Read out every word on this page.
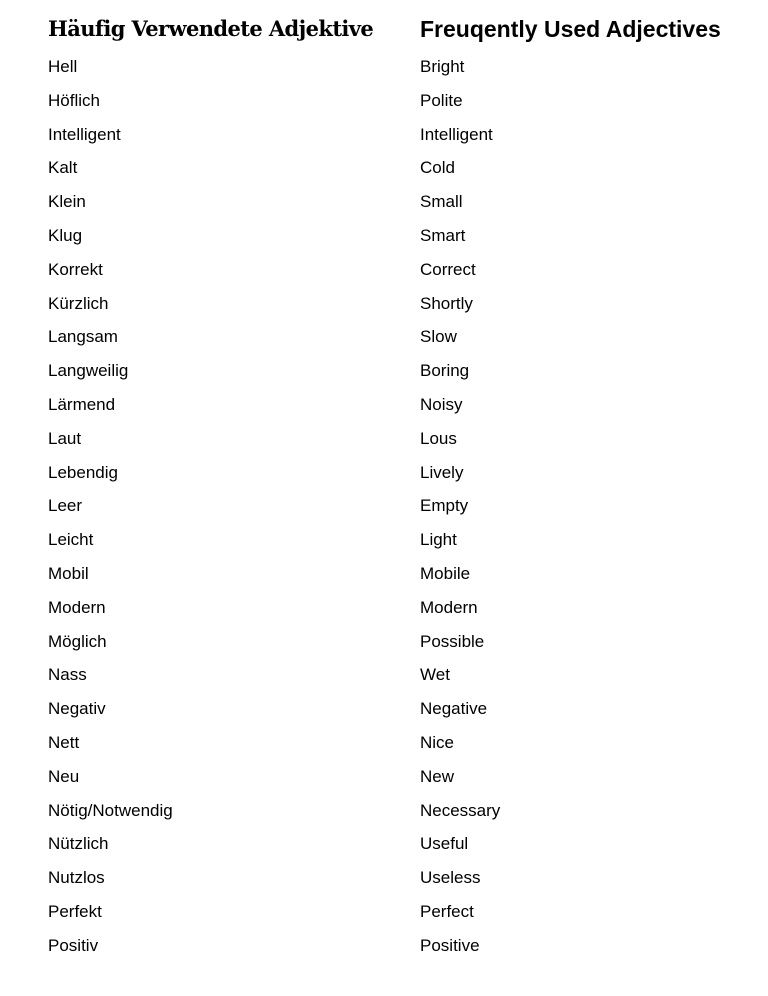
Häufig Verwendete Adjektive
Hell
Höflich
Intelligent
Kalt
Klein
Klug
Korrekt
Kürzlich
Langsam
Langweilig
Lärmend
Laut
Lebendig
Leer
Leicht
Mobil
Modern
Möglich
Nass
Negativ
Nett
Neu
Nötig/Notwendig
Nützlich
Nutzlos
Perfekt
Positiv
Freuqently Used Adjectives
Bright
Polite
Intelligent
Cold
Small
Smart
Correct
Shortly
Slow
Boring
Noisy
Lous
Lively
Empty
Light
Mobile
Modern
Possible
Wet
Negative
Nice
New
Necessary
Useful
Useless
Perfect
Positive
